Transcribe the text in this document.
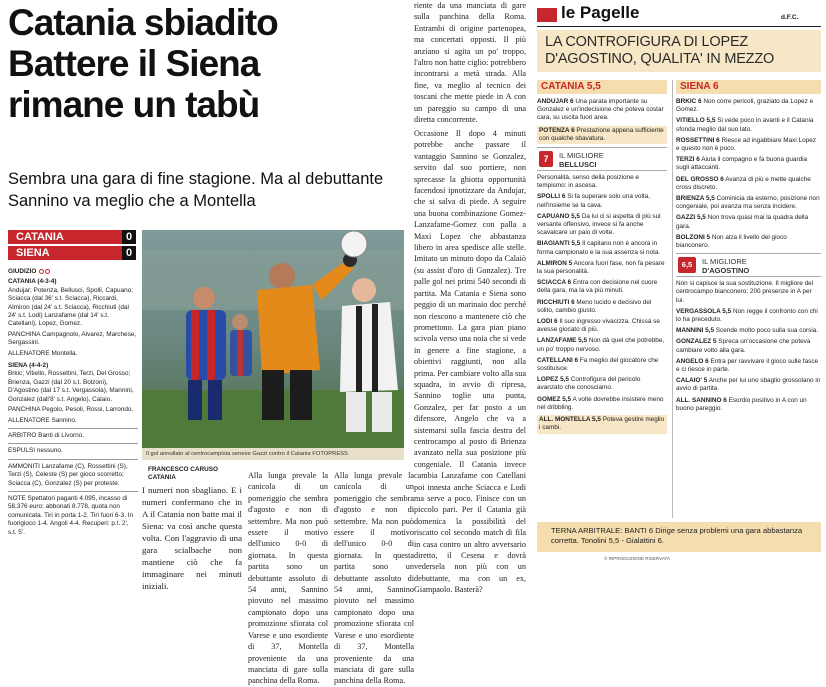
Catania sbiadito
Battere il Siena
rimane un tabù
Sembra una gara di fine stagione. Ma al debuttante Sannino va meglio che a Montella
CATANIA	0
SIENA	0
GIUDIZIO
CATANIA (4-3-4)
Andujar; Potenza, Bellusci, Spolli, Capuano; Sciacca (dal 36' s.t. Sciacca), Riccardi, Almiron (dal 24' s.t. Sciacca), Ricchiuti (dal 24' s.t. Lodi) Lanzafame (dal 14' s.t. Catellani), Lopez, Gomez.
PANCHINA Campagnolo, Alvarez, Marchese, Sergassini.
ALLENATORE Montella.
SIENA (4-4-2)
Brkic; Vitiello, Rossettini, Terzi, Del Grosso; Brienza, Gazzi (dal 20 s.t. Bolzoni), D'Agostino (dal 17 s.t. Vergassola), Mannini, Gonzalez (dall'8' s.t. Angelo), Calaio.
PANCHINA Pegolo, Pesoli, Rossi, Larrondo.
ALLENATORE Sannino.
ARBITRO Banti di Livorno.
ESPULSI nessuno.
AMMONITI Lanzafame (C), Rossettini (S), Terzi (S), Celeste (S) per gioco scorretto; Sciacca (C), Gonzalez (S) per proteste.
NOTE Spettatori paganti 4.095, incasso di 58.376 euro; abbonati 8.778, quota non comunicata. Tiri in porta 1-2. Tiri fuori 6-3. In fuorigioco 1-4. Angoli 4-4. Recuperi: p.t. 2', s.t. 5'.
Il gol annullato al centrocampista senese Gazzi contro il Catania FOTOPRESS
FRANCESCO CARUSO
CATANIA
I numeri non sbagliano. E i numeri confermano che in A il Catania non batte mai il Siena: va così anche questa volta. Con l'aggravio di una gara scialbache non mantiene ciò che fa immaginare nei minuti iniziali.
Alla lunga prevale la canicola di un pomeriggio che sembra d'agosto e non di settembre. Ma non può essere il motivo dell'unico 0-0 di giornata. In questa partita sono un debuttante assoluto di 54 anni, Sannino piovuto nel massimo campionato dopo una promozione sfiorata col Varese e uno esordiente di 37, Montella proveniente da una manciata di gare sulla panchina della Roma.
Alla lunga prevale la canicola di un pomeriggio che sembra d'agosto e non di settembre. Ma non può essere il motivo dell'unico 0-0 di giornata. In questa partita sono un debuttante assoluto di 54 anni, Sannino piovuto nel massimo campionato dopo una promozione sfiorata col Varese e uno esordiente di 37, Montella proveniente da una manciata di gare sulla panchina della Roma.
riente da una manciata di gare sulla panchina della Roma. Entrambi di origine partenopea, ma concertati opposti. Il più anziano si agita un po' troppo, l'altro non batte ciglio: potrebbero incontrarsi a metà strada. Alla fine, va meglio al tecnico dei toscani che mette piede in A con un pareggio su campo di una diretta concorrente.
Occasione Il dopo 4 minuti potrebbe anche passare il vantaggio Sannino se Gonzalez, servito dal suo portiere, non sprecasse la ghiotta opportunità facendosi ipnotizzare da Andujar, che si salva di piede. A seguire una buona combinazione Gomez-Lanzafame-Gomez con palla a Maxi Lopez che abbastanza libero in area spedisce alle stelle. Imitato un minuto dopo da Calaiò (su assist d'oro di Gonzalez). Tre palle gol nei primi 540 secondi di partita. Ma Catania e Siena sono peggio di un marinaio doc perché non riescono a mantenere ciò che promettono. La gara pian piano scivola verso una noia che si vede in genere a fine stagione, a obiettivi raggiunti, non alla prima. Per cambiare volto alla sua squadra, in avvio di ripresa, Sannino toglie una punta, Gonzalez, per far posto a un difensore, Angelo che va a sistemarsi sulla fascia destra del centrocampo al posto di Brienza avanzato nella sua posizione più congeniale. Il Catania invece cambia Lanzafame con Catellani poi innesta anche Sciacca e Lodi ma serve a poco. Finisce con un piccolo pari. Per il Catania già domenica la possibilità del riscatto col secondo match di fila in casa contro un altro avversario diretto, il Cesena e dovrà vedersela non più con un debuttante, ma con un ex, Giampaolo. Basterà?
le Pagelle	d.F.C.
LA CONTROFIGURA DI LOPEZ D'AGOSTINO, QUALITA' IN MEZZO
CATANIA 5,5

ANDUJAR 6 Una parata importante su Gonzalez e un'indecisione che poteva costar cara, su uscita fuori area.

POTENZA 6 Prestazione appena sufficiente con qualche sbavatura.

7	IL MIGLIORE
BELLUSCI

Personalità, senso della posizione e tempismo: in ascesa.

SPOLLI 6 Si fa superare solo una volta, nell'insieme se la cava.

CAPUANO 5,5 Da lui ci si aspetta di più sul versante offensivo, invece si fa anche scavalcare un paio di volte.

BIAGIANTI 5,5 Il capitano non è ancora in forma campionato e la sua assenza si nota.

ALMIRON 5 Ancora fuori fase, non fa pesare la sua personalità.

SCIACCA 6 Entra con decisione nel cuore della gara, ma la va più minuti.

RICCHIUTI 6 Meno lucido e decisivo del solito, cambio giusto.

LODI 6 Il suo ingresso vivacizza. Chissà se avesse giocato di più.

LANZAFAME 5,5 Non dà quel che potrebbe, un po' troppo nervoso.

CATELLANI 6 Fa meglio del giocatore che sostituisce.

LOPEZ 5,5 Controfigura del pericolo avanzato che conosciamo.

GOMEZ 5,5 A volte dovrebbe insistere meno nel dribbling.

ALL. MONTELLA 5,5 Poteva gestire meglio i cambi.

SIENA 6

BRKIC 6 Non corre pericoli, graziato da Lopez e Gomez.

VITIELLO 5,5 Si vede poco in avanti e il Catania sfonda meglio dal suo lato.

ROSSETTINI 6 Riesce ad ingabbiare Maxi Lopez e questo non è poco.

TERZI 6 Aiuta il compagno e fa buona guardia sugli attaccanti.

DEL GROSSO 6 Avanza di più e mette qualche cross discreto.

BRIENZA 5,5 Cominicia da esterno, posizione non congeniale, poi avanza ma senza incidere.

GAZZI 5,5 Non trova quasi mai la quadra della gara.

BOLZONI 5 Non alza il livello del gioco bianconero.

6,5	IL MIGLIORE
D'AGOSTINO

Non si capisce la sua sostituzione. Il migliore del centrocampo bianconero: 200 presenze in A per lui.

VERGASSOLA 5,5 Non regge il confronto con chi lo ha preceduto.

MANNINI 5,5 Scende molto poco sulla sua corsia.

GONZALEZ 5 Spreca un'occasione che poteva cambiare volto alla gara.

ANGELO 6 Entra per ravvivare il gioco sulle fasce e ci riesce in parte.

CALAIO' 5 Anche per lui uno sbaglio grossolano in avvio di partita.

ALL. SANNINO 6 Esordio positivo in A con un buono pareggio.

TERNA ARBITRALE: BANTI 6 Dirige senza problemi una gara abbastanza corretta. Tonolini 5,5 - Gialattini 6.
© RIPRODUZIONE RISERVATA
